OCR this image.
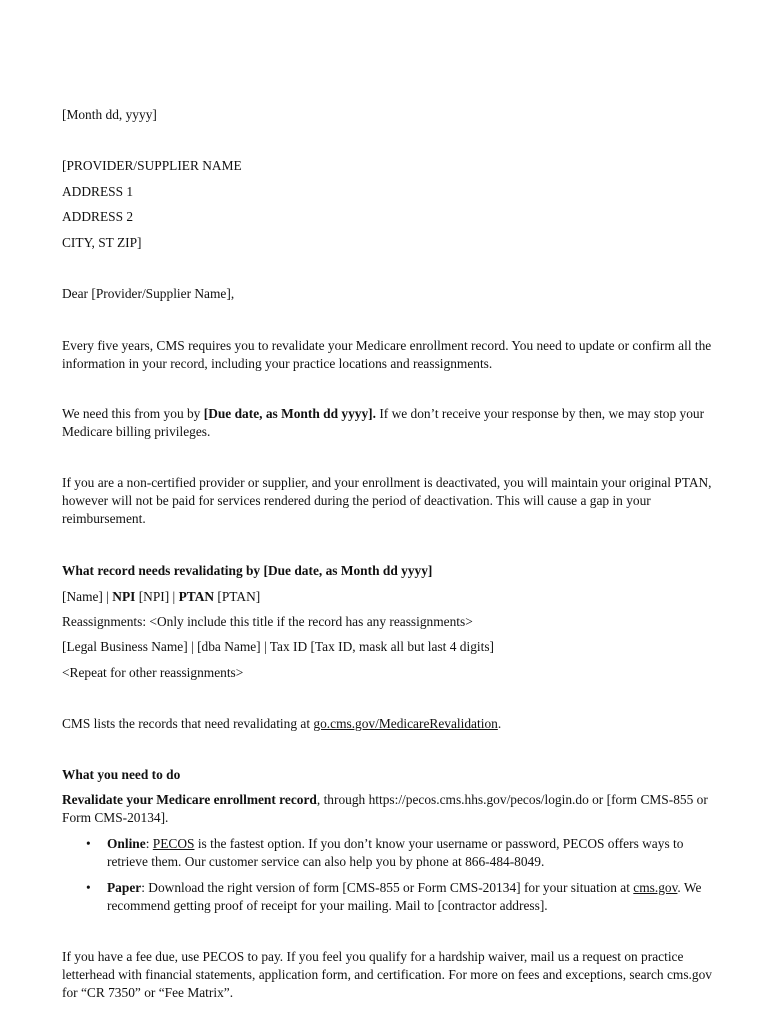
[Month dd, yyyy]

[PROVIDER/SUPPLIER NAME

ADDRESS 1

ADDRESS 2

CITY, ST ZIP]

Dear [Provider/Supplier Name],

Every five years, CMS requires you to revalidate your Medicare enrollment record. You need to update or confirm all the information in your record, including your practice locations and reassignments.

We need this from you by [Due date, as Month dd yyyy]. If we don’t receive your response by then, we may stop your Medicare billing privileges.

If you are a non-certified provider or supplier, and your enrollment is deactivated, you will maintain your original PTAN, however will not be paid for services rendered during the period of deactivation. This will cause a gap in your reimbursement.

What record needs revalidating by [Due date, as Month dd yyyy]

[Name] | NPI [NPI] | PTAN [PTAN]

Reassignments: <Only include this title if the record has any reassignments>

[Legal Business Name] | [dba Name] | Tax ID [Tax ID, mask all but last 4 digits]

<Repeat for other reassignments>

CMS lists the records that need revalidating at go.cms.gov/MedicareRevalidation.

What you need to do

Revalidate your Medicare enrollment record, through https://pecos.cms.hhs.gov/pecos/login.do or [form CMS-855 or Form CMS-20134].

• Online: PECOS is the fastest option. If you don’t know your username or password, PECOS offers ways to retrieve them. Our customer service can also help you by phone at 866-484-8049.
• Paper: Download the right version of form [CMS-855 or Form CMS-20134] for your situation at cms.gov. We recommend getting proof of receipt for your mailing. Mail to [contractor address].

If you have a fee due, use PECOS to pay. If you feel you qualify for a hardship waiver, mail us a request on practice letterhead with financial statements, application form, and certification. For more on fees and exceptions, search cms.gov for “CR 7350” or “Fee Matrix”.
